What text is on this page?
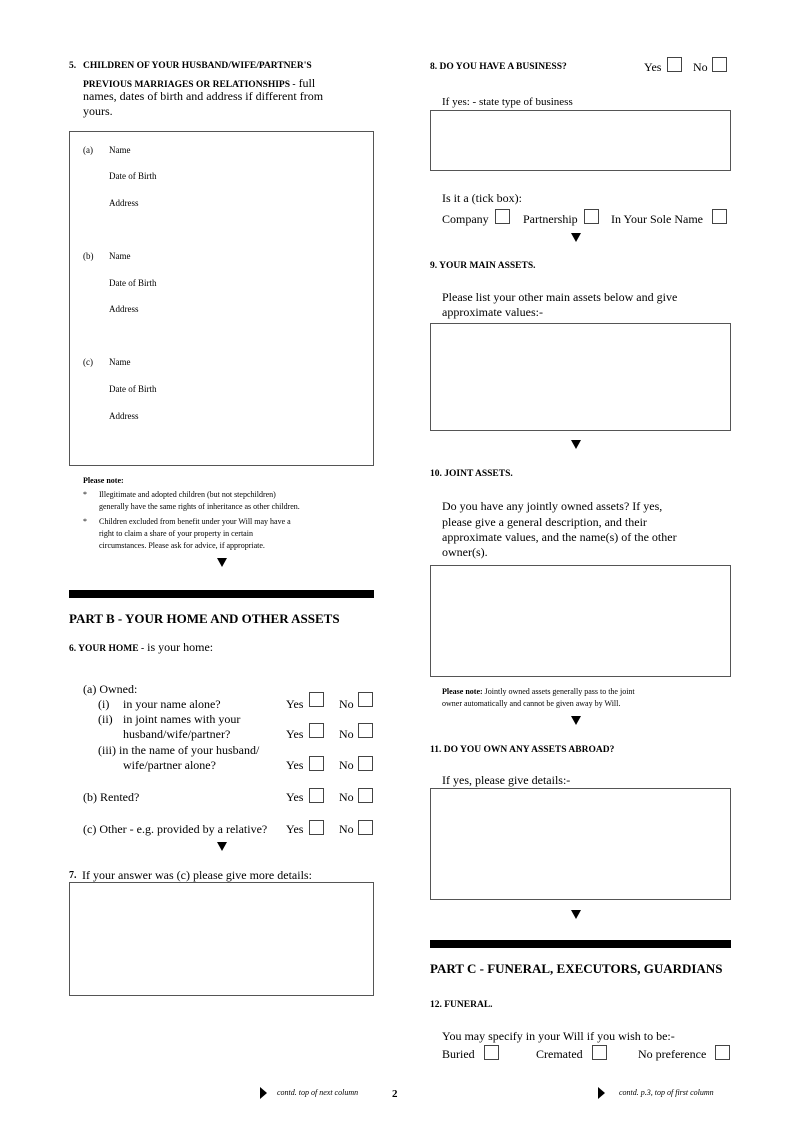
5. CHILDREN OF YOUR HUSBAND/WIFE/PARTNER'S
PREVIOUS MARRIAGES OR RELATIONSHIPS - full
names, dates of birth and address if different from
yours.
(a) Name
Date of Birth
Address
(b) Name
Date of Birth
Address
(c) Name
Date of Birth
Address
Please note:
* Illegitimate and adopted children (but not stepchildren)
generally have the same rights of inheritance as other children.
* Children excluded from benefit under your Will may have a
right to claim a share of your property in certain
circumstances. Please ask for advice, if appropriate.
PART B - YOUR HOME AND OTHER ASSETS
6. YOUR HOME - is your home:
(a) Owned:
(i) in your name alone?	Yes	No
(ii) in joint names with your
husband/wife/partner?	Yes	No
(iii) in the name of your husband/
wife/partner alone?	Yes	No
(b) Rented?	Yes	No
(c) Other - e.g. provided by a relative? Yes	No
7. If your answer was (c) please give more details:
contd. top of next column	2
8. DO YOU HAVE A BUSINESS?	Yes	No
If yes: - state type of business
Is it a (tick box):
Company	Partnership	In Your Sole Name
9. YOUR MAIN ASSETS.
Please list your other main assets below and give
approximate values:-
10. JOINT ASSETS.
Do you have any jointly owned assets? If yes,
please give a general description, and their
approximate values, and the name(s) of the other
owner(s).
Please note: Jointly owned assets generally pass to the joint
owner automatically and cannot be given away by Will.
11. DO YOU OWN ANY ASSETS ABROAD?
If yes, please give details:-
PART C - FUNERAL, EXECUTORS, GUARDIANS
12. FUNERAL.
You may specify in your Will if you wish to be:-
Buried	Cremated	No preference
contd. p.3, top of first column
